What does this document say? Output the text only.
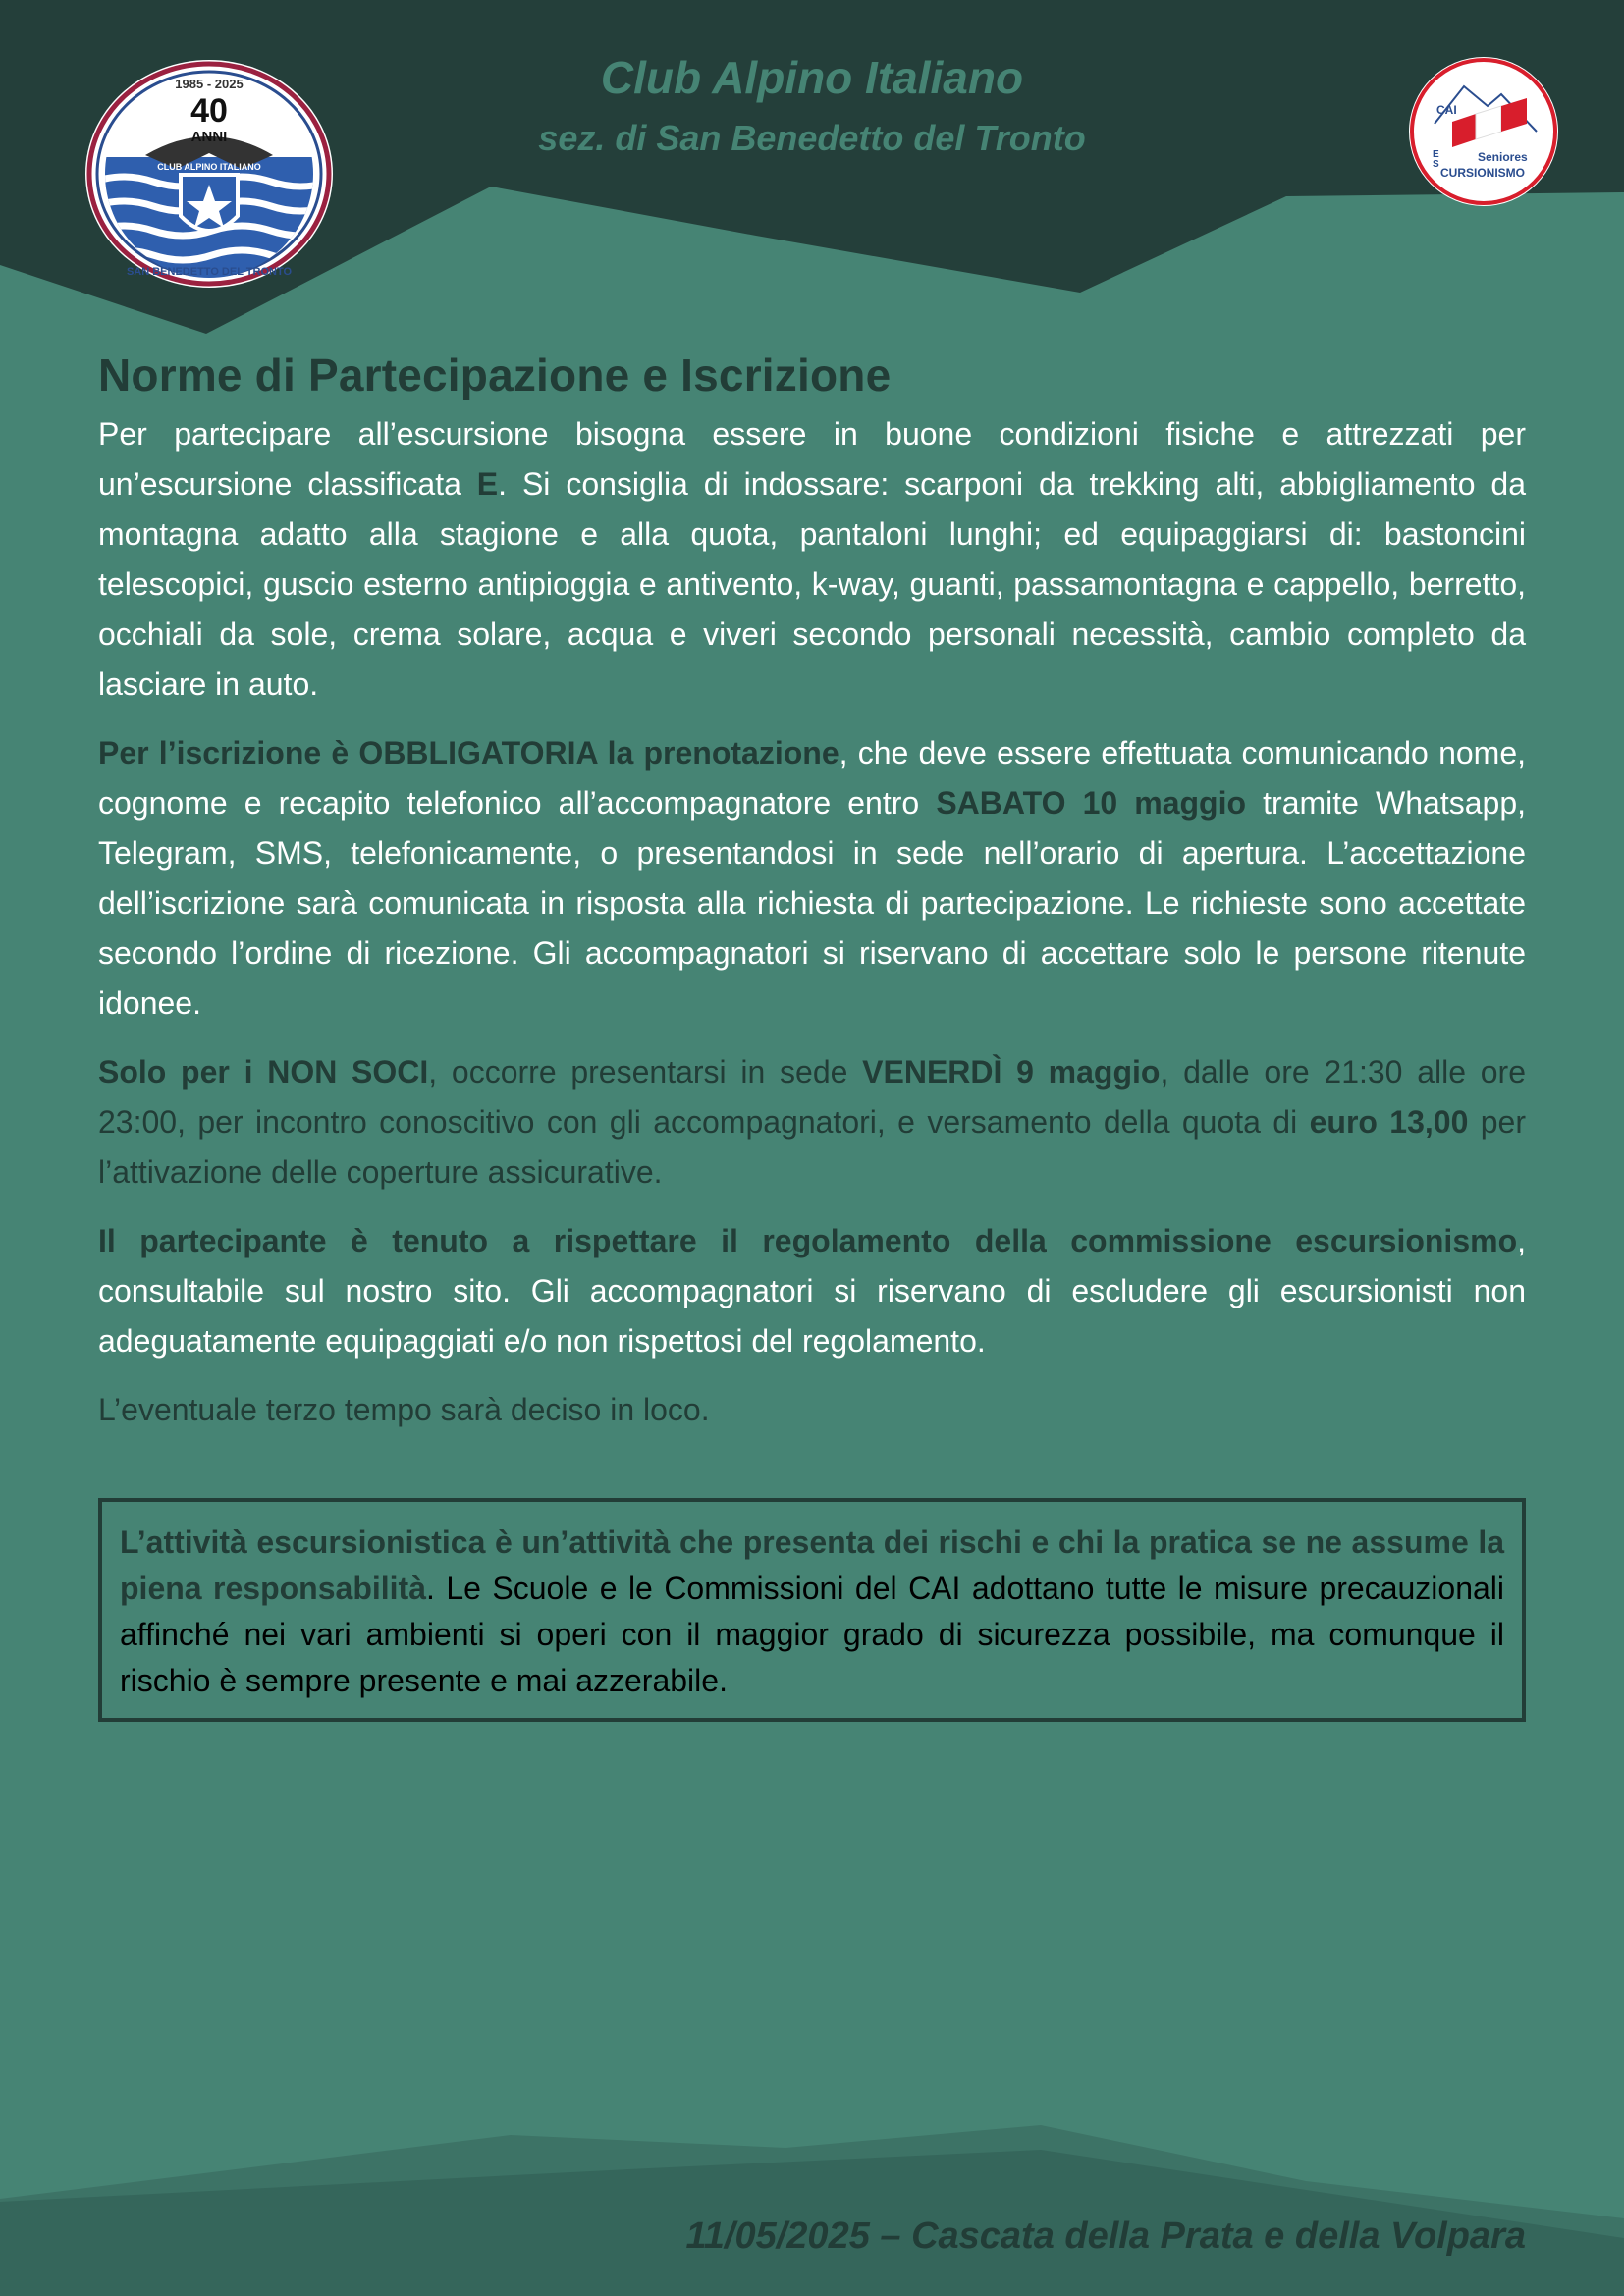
Club Alpino Italiano
sez. di San Benedetto del Tronto
1985 - 2025
40
ANNI
CLUB ALPINO ITALIANO
SAN BENEDETTO DEL TRONTO
CAI
Seniores
E
S
CURSIONISMO
Norme di Partecipazione e Iscrizione

Per partecipare all’escursione bisogna essere in buone condizioni fisiche e attrezzati per un’escursione classificata E. Si consiglia di indossare: scarponi da trekking alti, abbigliamento da montagna adatto alla stagione e alla quota, pantaloni lunghi; ed equipaggiarsi di: bastoncini telescopici, guscio esterno antipioggia e antivento, k-way, guanti, passamontagna e cappello, berretto, occhiali da sole, crema solare, acqua e viveri secondo personali necessità, cambio completo da lasciare in auto.

Per l’iscrizione è OBBLIGATORIA la prenotazione, che deve essere effettuata comunicando nome, cognome e recapito telefonico all’accompagnatore entro SABATO 10 maggio tramite Whatsapp, Telegram, SMS, telefonicamente, o presentandosi in sede nell’orario di apertura. L’accettazione dell’iscrizione sarà comunicata in risposta alla richiesta di partecipazione. Le richieste sono accettate secondo l’ordine di ricezione. Gli accompagnatori si riservano di accettare solo le persone ritenute idonee.

Solo per i NON SOCI, occorre presentarsi in sede VENERDÌ 9 maggio, dalle ore 21:30 alle ore 23:00, per incontro conoscitivo con gli accompagnatori, e versamento della quota di euro 13,00 per l’attivazione delle coperture assicurative.

Il partecipante è tenuto a rispettare il regolamento della commissione escursionismo, consultabile sul nostro sito. Gli accompagnatori si riservano di escludere gli escursionisti non adeguatamente equipaggiati e/o non rispettosi del regolamento.

L’eventuale terzo tempo sarà deciso in loco.

L’attività escursionistica è un’attività che presenta dei rischi e chi la pratica se ne assume la piena responsabilità. Le Scuole e le Commissioni del CAI adottano tutte le misure precauzionali affinché nei vari ambienti si operi con il maggior grado di sicurezza possibile, ma comunque il rischio è sempre presente e mai azzerabile.

11/05/2025 – Cascata della Prata e della Volpara
